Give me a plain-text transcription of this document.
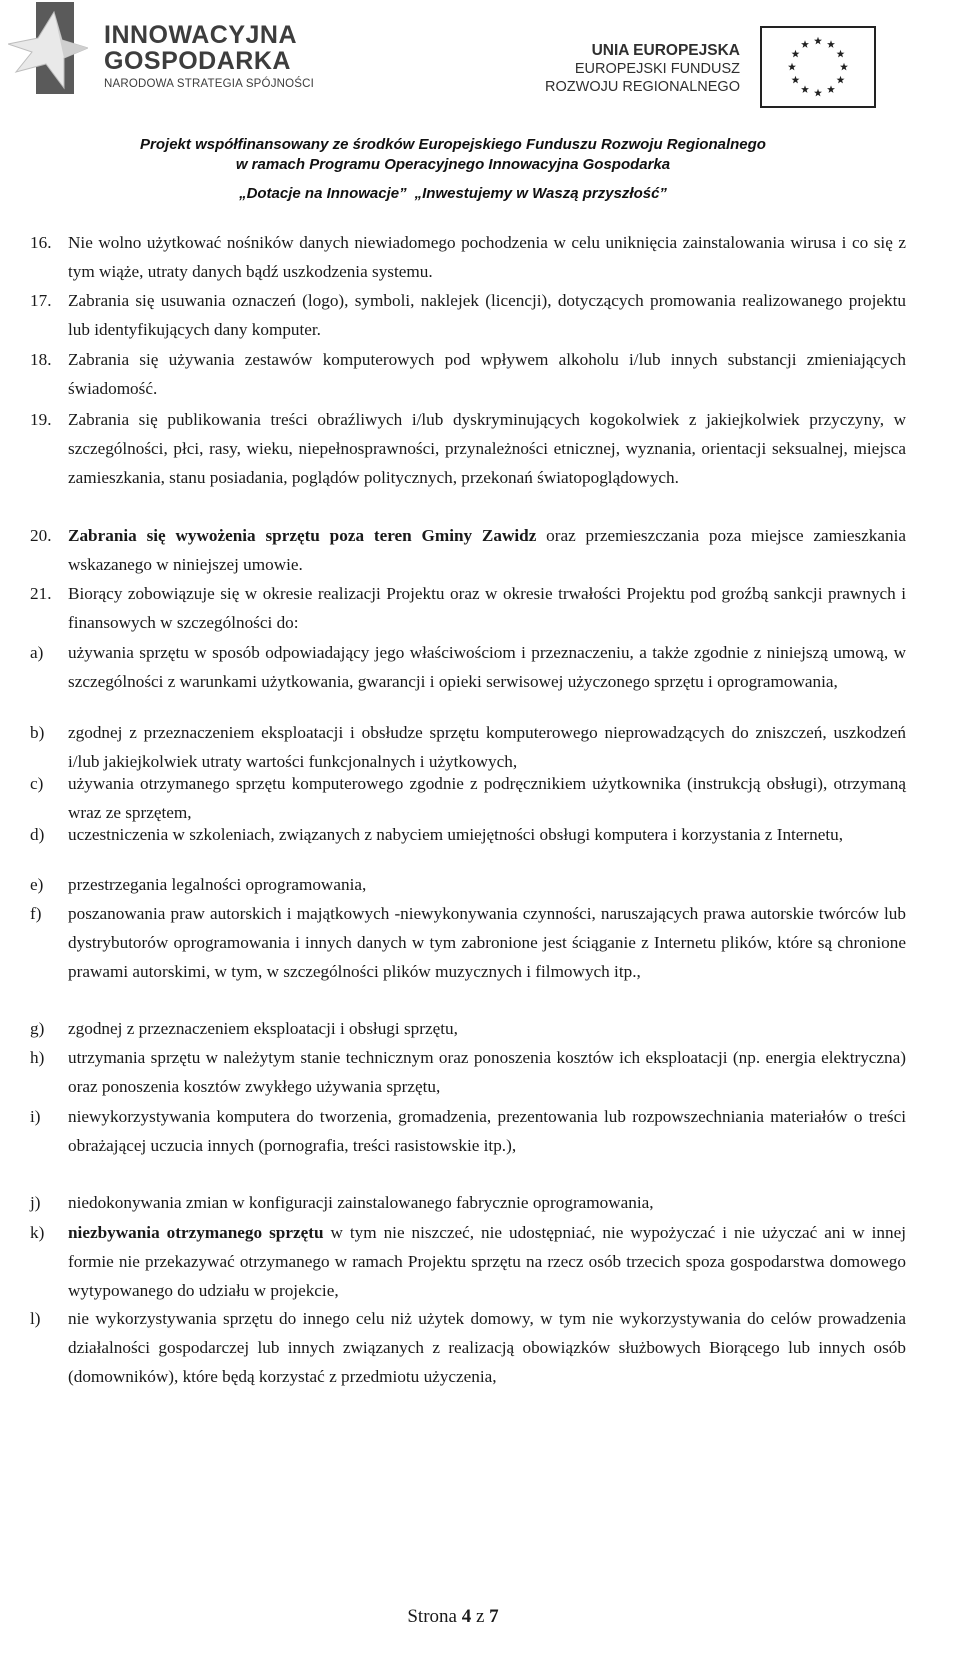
INNOWACYJNA
GOSPODARKA
NARODOWA STRATEGIA SPÓJNOŚCI
UNIA EUROPEJSKA
EUROPEJSKI FUNDUSZ
ROZWOJU REGIONALNEGO
Projekt współfinansowany ze środków Europejskiego Funduszu Rozwoju Regionalnego
w ramach Programu Operacyjnego Innowacyjna Gospodarka
„Dotacje na Innowacje” „Inwestujemy w Waszą przyszłość”
16. Nie wolno użytkować nośników danych niewiadomego pochodzenia w celu uniknięcia zainstalowania wirusa i co się z tym wiąże, utraty danych bądź uszkodzenia systemu.
17. Zabrania się usuwania oznaczeń (logo), symboli, naklejek (licencji), dotyczących promowania realizowanego projektu lub identyfikujących dany komputer.
18. Zabrania się używania zestawów komputerowych pod wpływem alkoholu i/lub innych substancji zmieniających świadomość.
19. Zabrania się publikowania treści obraźliwych i/lub dyskryminujących kogokolwiek z jakiejkolwiek przyczyny, w szczególności, płci, rasy, wieku, niepełnosprawności, przynależności etnicznej, wyznania, orientacji seksualnej, miejsca zamieszkania, stanu posiadania, poglądów politycznych, przekonań światopoglądowych.
20. Zabrania się wywożenia sprzętu poza teren Gminy Zawidz oraz przemieszczania poza miejsce zamieszkania wskazanego w niniejszej umowie.
21. Biorący zobowiązuje się w okresie realizacji Projektu oraz w okresie trwałości Projektu pod groźbą sankcji prawnych i finansowych w szczególności do:
a) używania sprzętu w sposób odpowiadający jego właściwościom i przeznaczeniu, a także zgodnie z niniejszą umową, w szczególności z warunkami użytkowania, gwarancji i opieki serwisowej użyczonego sprzętu i oprogramowania,
b) zgodnej z przeznaczeniem eksploatacji i obsłudze sprzętu komputerowego nieprowadzących do zniszczeń, uszkodzeń i/lub jakiejkolwiek utraty wartości funkcjonalnych i użytkowych,
c) używania otrzymanego sprzętu komputerowego zgodnie z podręcznikiem użytkownika (instrukcją obsługi), otrzymaną wraz ze sprzętem,
d) uczestniczenia w szkoleniach, związanych z nabyciem umiejętności obsługi komputera i korzystania z Internetu,
e) przestrzegania legalności oprogramowania,
f) poszanowania praw autorskich i majątkowych -niewykonywania czynności, naruszających prawa autorskie twórców lub dystrybutorów oprogramowania i innych danych w tym zabronione jest ściąganie z Internetu plików, które są chronione prawami autorskimi, w tym, w szczególności plików muzycznych i filmowych itp.,
g) zgodnej z przeznaczeniem eksploatacji i obsługi sprzętu,
h) utrzymania sprzętu w należytym stanie technicznym oraz ponoszenia kosztów ich eksploatacji (np. energia elektryczna) oraz ponoszenia kosztów zwykłego używania sprzętu,
i) niewykorzystywania komputera do tworzenia, gromadzenia, prezentowania lub rozpowszechniania materiałów o treści obrażającej uczucia innych (pornografia, treści rasistowskie itp.),
j) niedokonywania zmian w konfiguracji zainstalowanego fabrycznie oprogramowania,
k) niezbywania otrzymanego sprzętu w tym nie niszczeć, nie udostępniać, nie wypożyczać i nie użyczać ani w innej formie nie przekazywać otrzymanego w ramach Projektu sprzętu na rzecz osób trzecich spoza gospodarstwa domowego wytypowanego do udziału w projekcie,
l) nie wykorzystywania sprzętu do innego celu niż użytek domowy, w tym nie wykorzystywania do celów prowadzenia działalności gospodarczej lub innych związanych z realizacją obowiązków służbowych Biorącego lub innych osób (domowników), które będą korzystać z przedmiotu użyczenia,
Strona 4 z 7
